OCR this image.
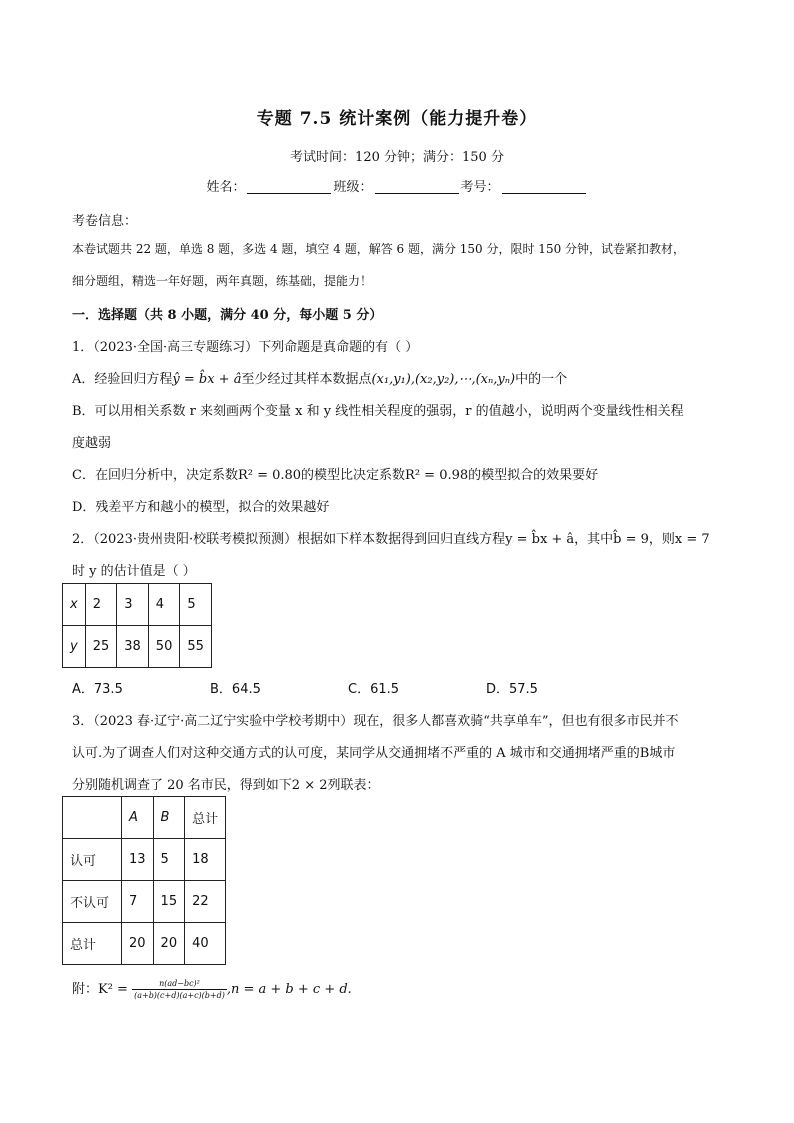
专题 7.5 统计案例（能力提升卷）
考试时间：120 分钟；满分：150 分
姓名：	班级：	考号：
考卷信息：
本卷试题共 22 题，单选 8 题，多选 4 题，填空 4 题，解答 6 题，满分 150 分，限时 150 分钟，试卷紧扣教材，
细分题组，精选一年好题，两年真题，练基础，提能力！
一．选择题（共 8 小题，满分 40 分，每小题 5 分）
1．（2023·全国·高三专题练习）下列命题是真命题的有（ ）
A．经验回归方程ŷ = b̂x + â至少经过其样本数据点(x₁,y₁),(x₂,y₂),⋯,(xₙ,yₙ)中的一个
B．可以用相关系数 r 来刻画两个变量 x 和 y 线性相关程度的强弱，r 的值越小，说明两个变量线性相关程
度越弱
C．在回归分析中，决定系数R² = 0.80的模型比决定系数R² = 0.98的模型拟合的效果要好
D．残差平方和越小的模型，拟合的效果越好
2．（2023·贵州贵阳·校联考模拟预测）根据如下样本数据得到回归直线方程y = b̂x + â，其中b̂ = 9，则x = 7
时 y 的估计值是（ ）
x	2	3	4	5
y	25	38	50	55
A．73.5	B．64.5	C．61.5	D．57.5
3．（2023 春·辽宁·高二辽宁实验中学校考期中）现在，很多人都喜欢骑“共享单车”，但也有很多市民并不
认可.为了调查人们对这种交通方式的认可度，某同学从交通拥堵不严重的 A 城市和交通拥堵严重的B城市
分别随机调查了 20 名市民，得到如下2 × 2列联表：
	A	B	总计
认可	13	5	18
不认可	7	15	22
总计	20	20	40
附：$K^2 = \frac{\text{n(ad−bc)²}}{(a+b)(c+d)(a+c)(b+d)} ,n = a + b + c + d$.
